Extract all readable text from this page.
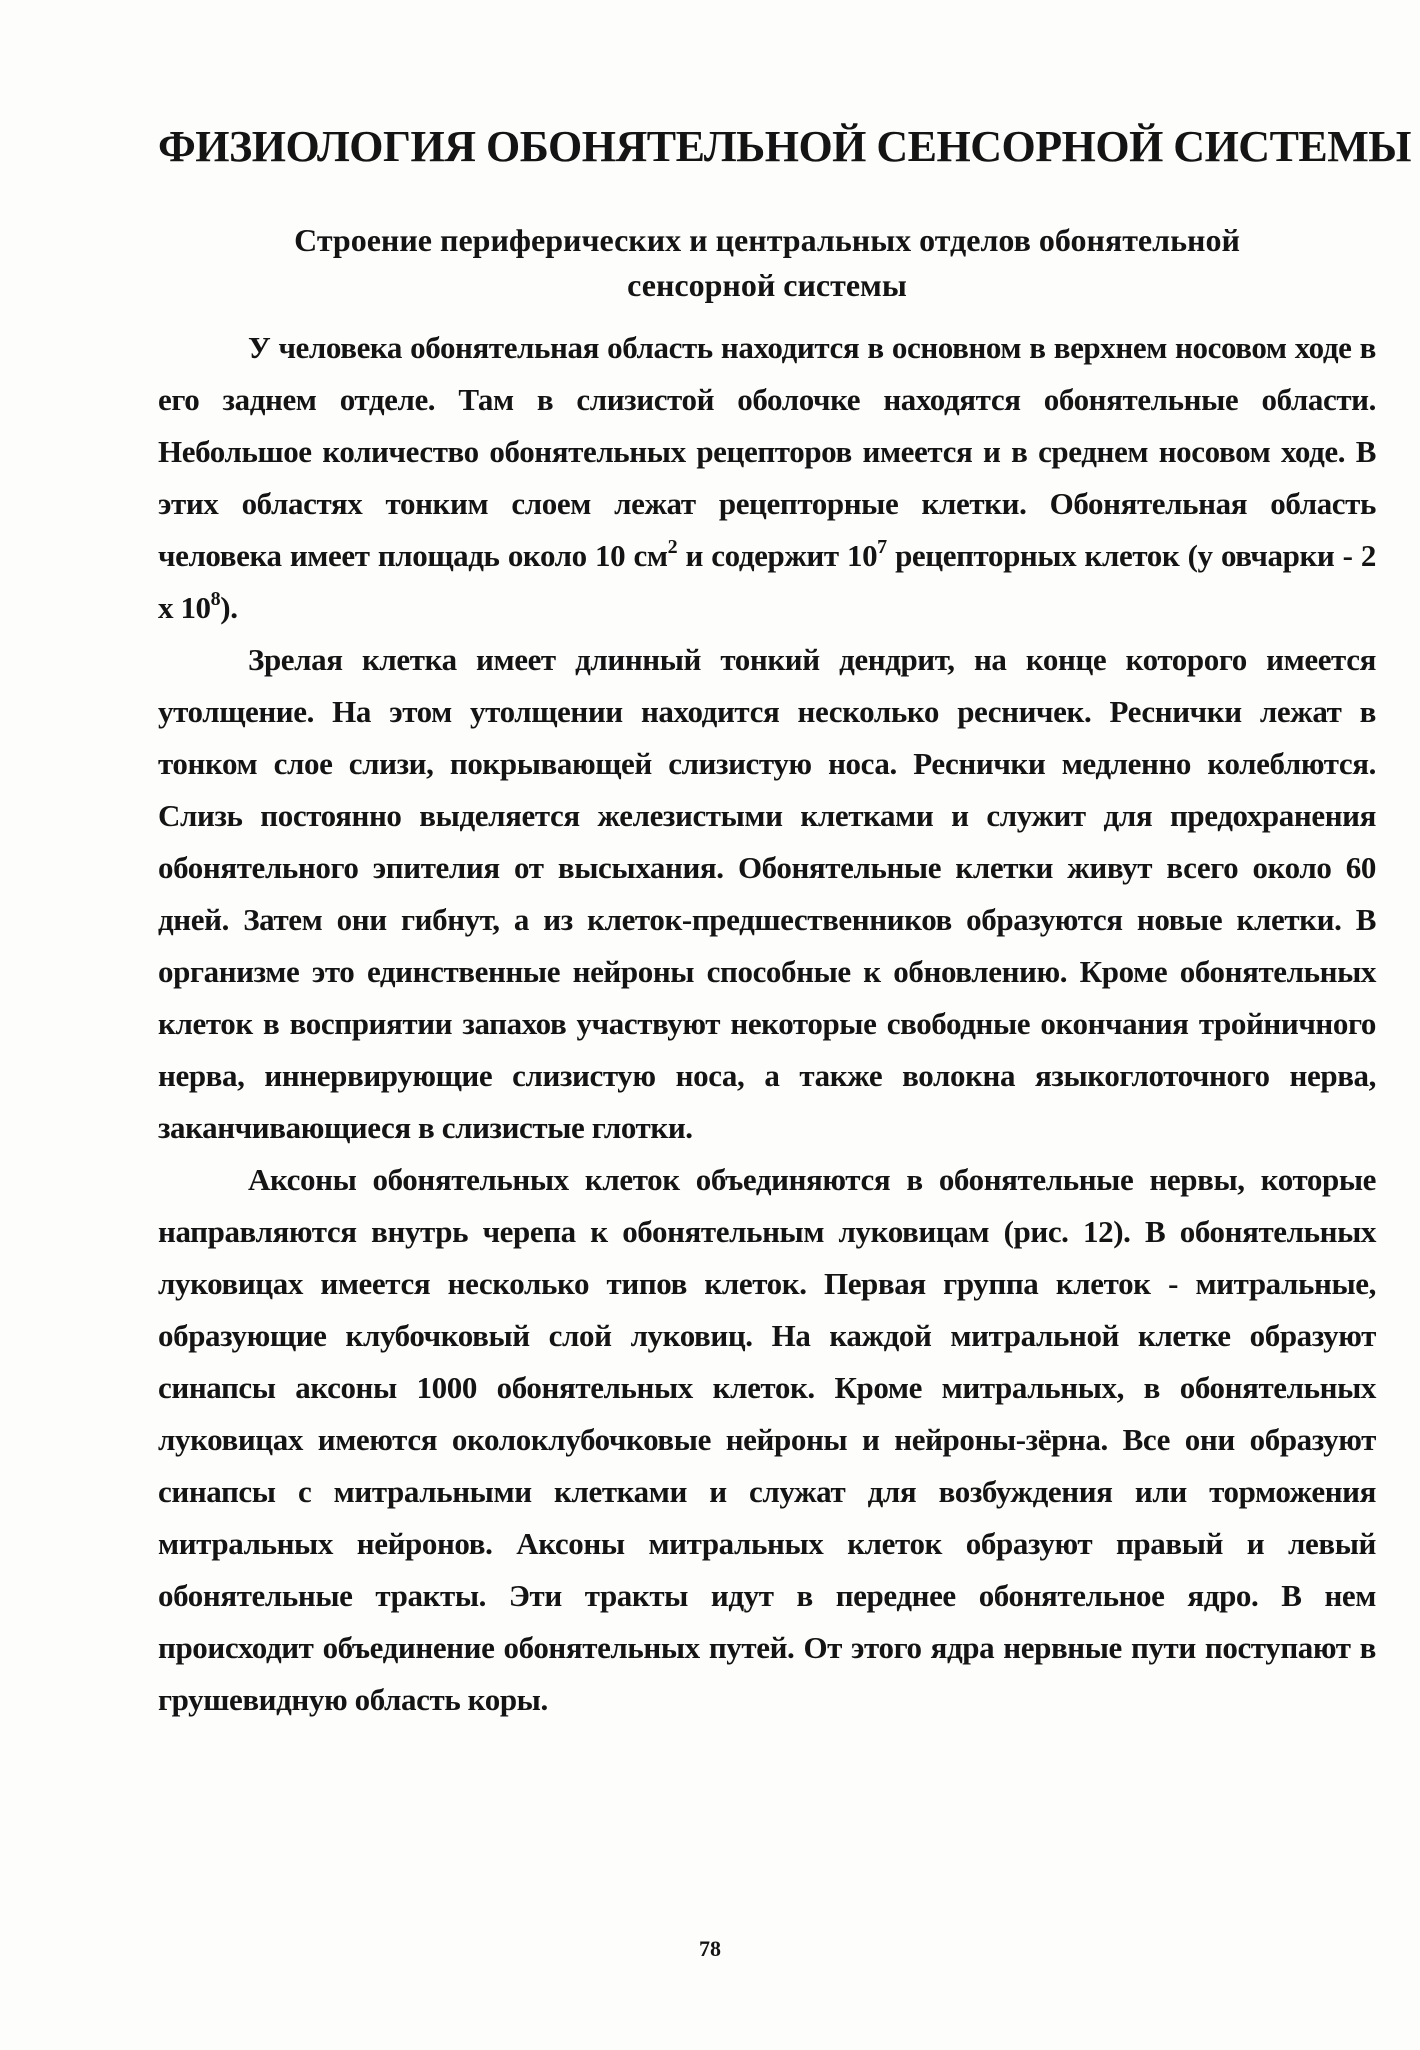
ФИЗИОЛОГИЯ ОБОНЯТЕЛЬНОЙ СЕНСОРНОЙ СИСТЕМЫ
Строение периферических и центральных отделов обонятельной сенсорной системы

У человека обонятельная область находится в основном в верхнем носовом ходе в его заднем отделе. Там в слизистой оболочке находятся обонятельные области. Небольшое количество обонятельных рецепторов имеется и в среднем носовом ходе. В этих областях тонким слоем лежат рецепторные клетки. Обонятельная область человека имеет площадь около 10 $см^2$ и содержит $10^7$ рецепторных клеток (у овчарки - 2 х $10^8$).

Зрелая клетка имеет длинный тонкий дендрит, на конце которого имеется утолщение. На этом утолщении находится несколько ресничек. Реснички лежат в тонком слое слизи, покрывающей слизистую носа. Реснички медленно колеблются. Слизь постоянно выделяется железистыми клетками и служит для предохранения обонятельного эпителия от высыхания. Обонятельные клетки живут всего около 60 дней. Затем они гибнут, а из клеток-предшественников образуются новые клетки. В организме это единственные нейроны способные к обновлению. Кроме обонятельных клеток в восприятии запахов участвуют некоторые свободные окончания тройничного нерва, иннервирующие слизистую носа, а также волокна языкоглоточного нерва, заканчивающиеся в слизистые глотки.

Аксоны обонятельных клеток объединяются в обонятельные нервы, которые направляются внутрь черепа к обонятельным луковицам (рис. 12). В обонятельных луковицах имеется несколько типов клеток. Первая группа клеток - митральные, образующие клубочковый слой луковиц. На каждой митральной клетке образуют синапсы аксоны 1000 обонятельных клеток. Кроме митральных, в обонятельных луковицах имеются околоклубочковые нейроны и нейроны-зёрна. Все они образуют синапсы с митральными клетками и служат для возбуждения или торможения митральных нейронов. Аксоны митральных клеток образуют правый и левый обонятельные тракты. Эти тракты идут в переднее обонятельное ядро. В нем происходит объединение обонятельных путей. От этого ядра нервные пути поступают в грушевидную область коры.

78
